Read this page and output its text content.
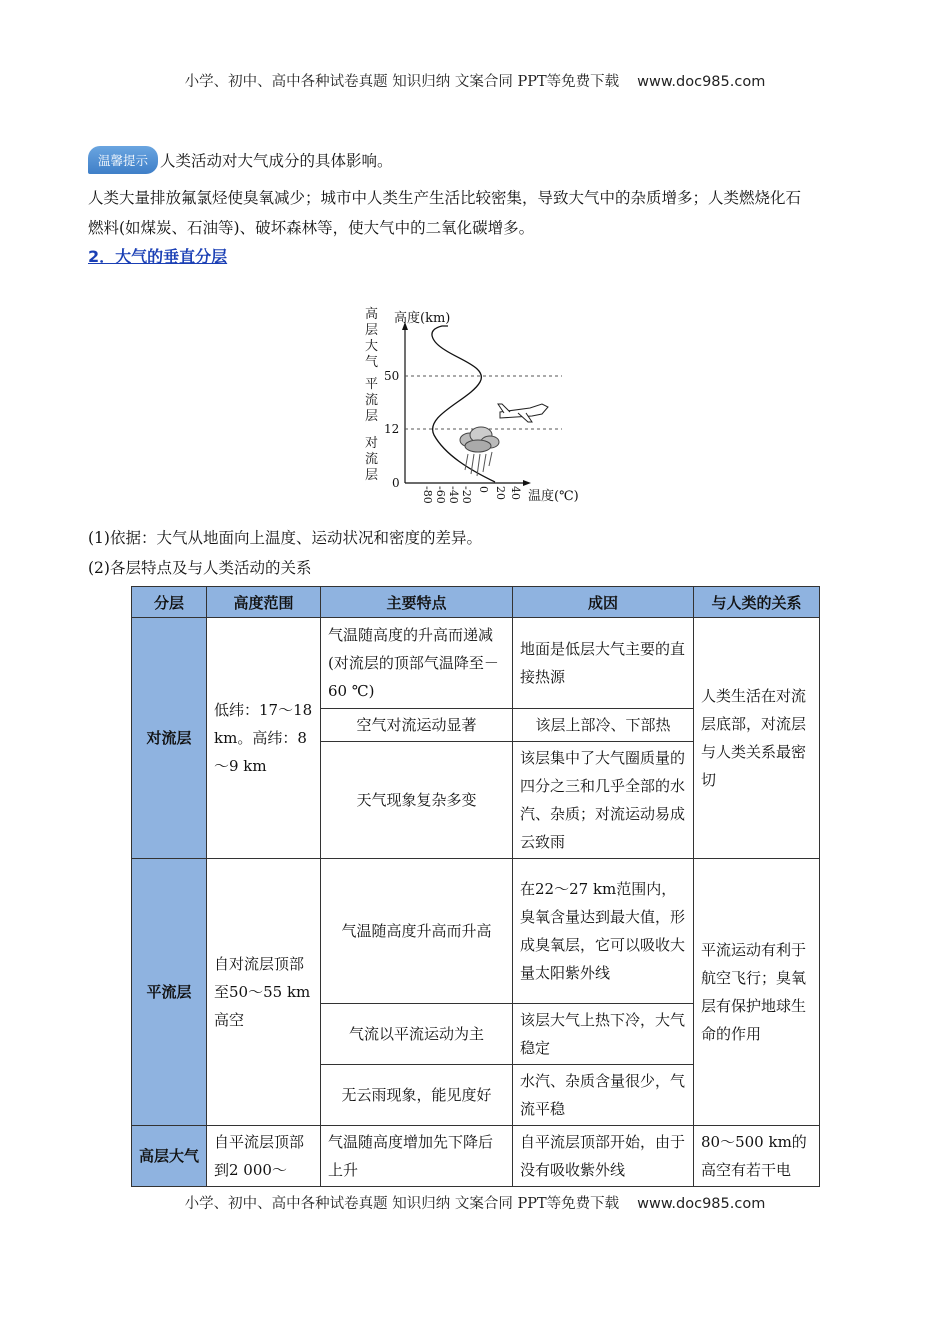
小学、初中、高中各种试卷真题 知识归纳 文案合同 PPT等免费下载 www.doc985.com
温馨提示 人类活动对大气成分的具体影响。
人类大量排放氟氯烃使臭氧减少；城市中人类生产生活比较密集，导致大气中的杂质增多；人类燃烧化石
燃料(如煤炭、石油等)、破坏森林等，使大气中的二氧化碳增多。
2．大气的垂直分层
高
层
大
气
平
流
层
对
流
层
高度(km)
温度(℃)
50
12
0
-80 -60 -40 -20 0 20 40
(1)依据：大气从地面向上温度、运动状况和密度的差异。
(2)各层特点及与人类活动的关系
分层	高度范围	主要特点	成因	与人类的关系
对流层	低纬：17～18 km。高纬：8～9 km	气温随高度的升高而递减(对流层的顶部气温降至－60 ℃)	地面是低层大气主要的直接热源	人类生活在对流层底部，对流层与人类关系最密切
		空气对流运动显著	该层上部冷、下部热	
		天气现象复杂多变	该层集中了大气圈质量的四分之三和几乎全部的水汽、杂质；对流运动易成云致雨	
平流层	自对流层顶部至50～55 km高空	气温随高度升高而升高	在22～27 km范围内，臭氧含量达到最大值，形成臭氧层，它可以吸收大量太阳紫外线	平流运动有利于航空飞行；臭氧层有保护地球生命的作用
		气流以平流运动为主	该层大气上热下冷，大气稳定	
		无云雨现象，能见度好	水汽、杂质含量很少，气流平稳	
高层大气	自平流层顶部到2 000～	气温随高度增加先下降后上升	自平流层顶部开始，由于没有吸收紫外线	80～500 km的高空有若干电
小学、初中、高中各种试卷真题 知识归纳 文案合同 PPT等免费下载 www.doc985.com
